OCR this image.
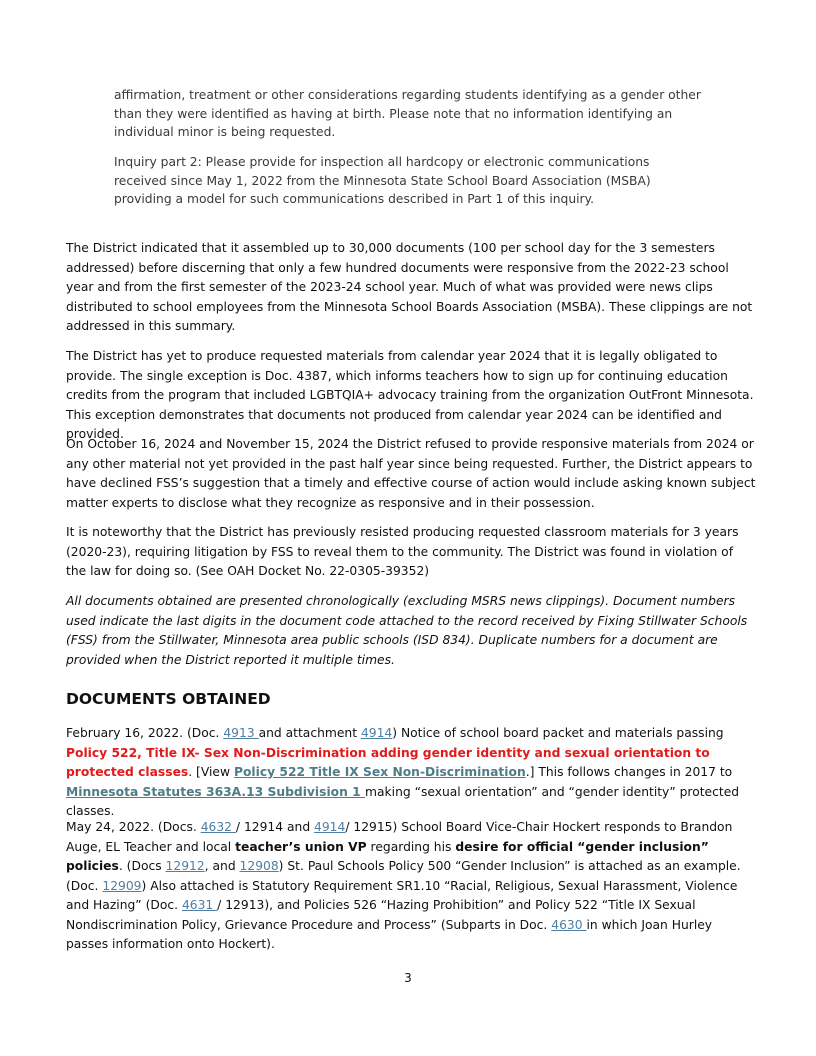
affirmation, treatment or other considerations regarding students identifying as a gender other than they were identified as having at birth. Please note that no information identifying an individual minor is being requested.
Inquiry part 2: Please provide for inspection all hardcopy or electronic communications received since May 1, 2022 from the Minnesota State School Board Association (MSBA) providing a model for such communications described in Part 1 of this inquiry.
The District indicated that it assembled up to 30,000 documents (100 per school day for the 3 semesters addressed) before discerning that only a few hundred documents were responsive from the 2022-23 school year and from the first semester of the 2023-24 school year. Much of what was provided were news clips distributed to school employees from the Minnesota School Boards Association (MSBA). These clippings are not addressed in this summary.
The District has yet to produce requested materials from calendar year 2024 that it is legally obligated to provide. The single exception is Doc. 4387, which informs teachers how to sign up for continuing education credits from the program that included LGBTQIA+ advocacy training from the organization OutFront Minnesota. This exception demonstrates that documents not produced from calendar year 2024 can be identified and provided.
On October 16, 2024 and November 15, 2024 the District refused to provide responsive materials from 2024 or any other material not yet provided in the past half year since being requested. Further, the District appears to have declined FSS’s suggestion that a timely and effective course of action would include asking known subject matter experts to disclose what they recognize as responsive and in their possession.
It is noteworthy that the District has previously resisted producing requested classroom materials for 3 years
(2020-23), requiring litigation by FSS to reveal them to the community. The District was found in violation of
the law for doing so. (See OAH Docket No. 22-0305-39352)
All documents obtained are presented chronologically (excluding MSRS news clippings). Document numbers used indicate the last digits in the document code attached to the record received by Fixing Stillwater Schools (FSS) from the Stillwater, Minnesota area public schools (ISD 834). Duplicate numbers for a document are provided when the District reported it multiple times.
DOCUMENTS OBTAINED
February 16, 2022. (Doc. 4913 and attachment 4914) Notice of school board packet and materials passing Policy 522, Title IX- Sex Non-Discrimination adding gender identity and sexual orientation to protected classes. [View Policy 522 Title IX Sex Non-Discrimination.] This follows changes in 2017 to Minnesota Statutes 363A.13 Subdivision 1 making “sexual orientation” and “gender identity” protected classes.
May 24, 2022. (Docs. 4632 / 12914 and 4914/ 12915) School Board Vice-Chair Hockert responds to Brandon Auge, EL Teacher and local teacher’s union VP regarding his desire for official “gender inclusion” policies. (Docs 12912, and 12908) St. Paul Schools Policy 500 “Gender Inclusion” is attached as an example. (Doc. 12909) Also attached is Statutory Requirement SR1.10 “Racial, Religious, Sexual Harassment, Violence and Hazing” (Doc. 4631 / 12913), and Policies 526 “Hazing Prohibition” and Policy 522 “Title IX Sexual Nondiscrimination Policy, Grievance Procedure and Process” (Subparts in Doc. 4630 in which Joan Hurley passes information onto Hockert).
3
